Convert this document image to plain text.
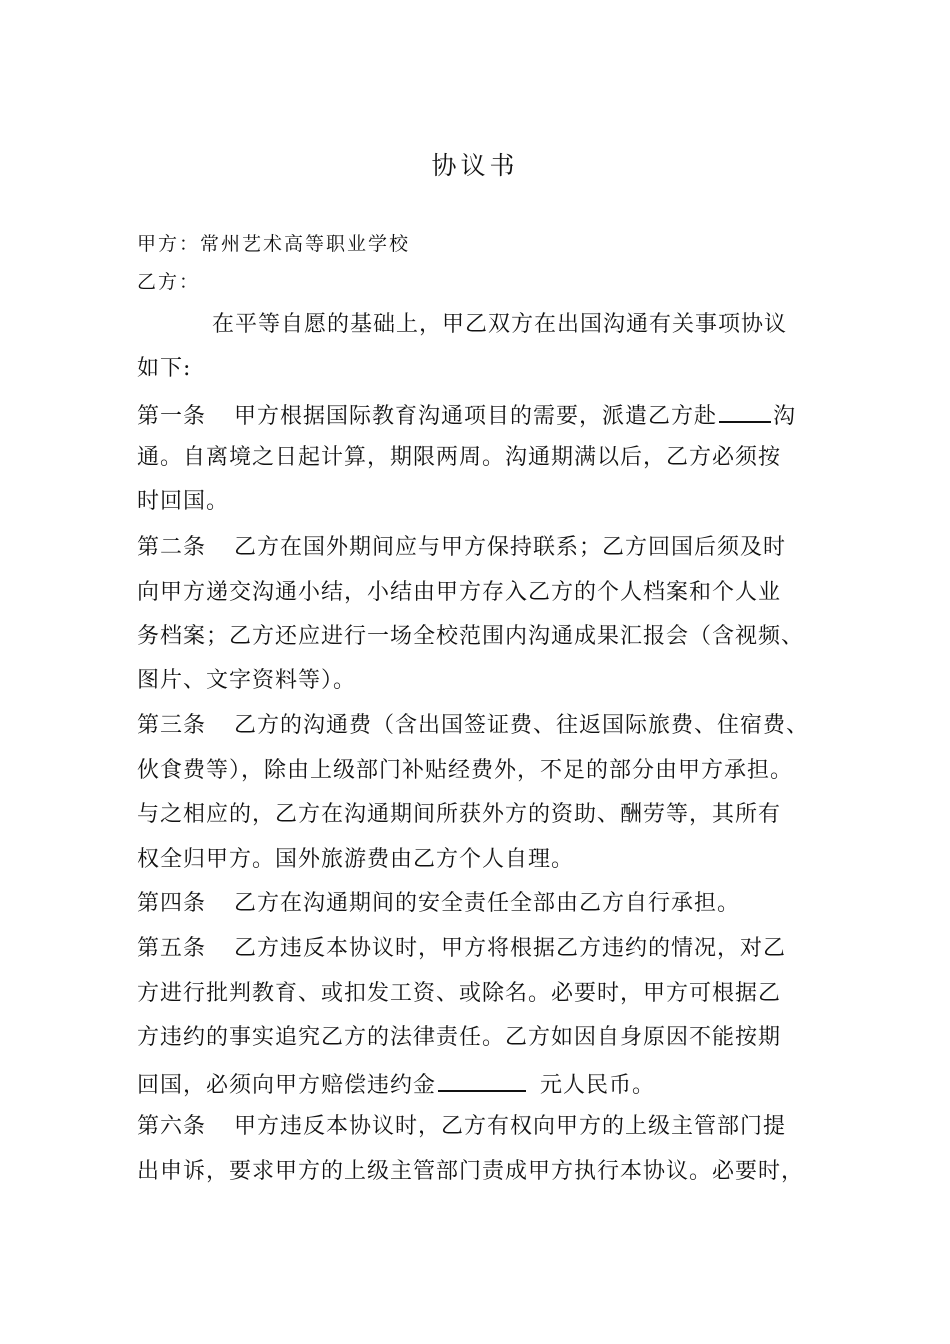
协议书
甲方：常州艺术高等职业学校
乙方：
在平等自愿的基础上，甲乙双方在出国沟通有关事项协议
如下:
第一条 甲方根据国际教育沟通项目的需要，派遣乙方赴	沟
通。自离境之日起计算，期限两周。沟通期满以后，乙方必须按
时回国。
第二条 乙方在国外期间应与甲方保持联系；乙方回国后须及时
向甲方递交沟通小结，小结由甲方存入乙方的个人档案和个人业
务档案；乙方还应进行一场全校范围内沟通成果汇报会（含视频、
图片、文字资料等）。
第三条 乙方的沟通费（含出国签证费、往返国际旅费、住宿费、
伙食费等），除由上级部门补贴经费外，不足的部分由甲方承担。
与之相应的，乙方在沟通期间所获外方的资助、酬劳等，其所有
权全归甲方。国外旅游费由乙方个人自理。
第四条 乙方在沟通期间的安全责任全部由乙方自行承担。
第五条 乙方违反本协议时，甲方将根据乙方违约的情况，对乙
方进行批判教育、或扣发工资、或除名。必要时，甲方可根据乙
方违约的事实追究乙方的法律责任。乙方如因自身原因不能按期
回国，必须向甲方赔偿违约金	元人民币。
第六条 甲方违反本协议时，乙方有权向甲方的上级主管部门提
出申诉，要求甲方的上级主管部门责成甲方执行本协议。必要时，
